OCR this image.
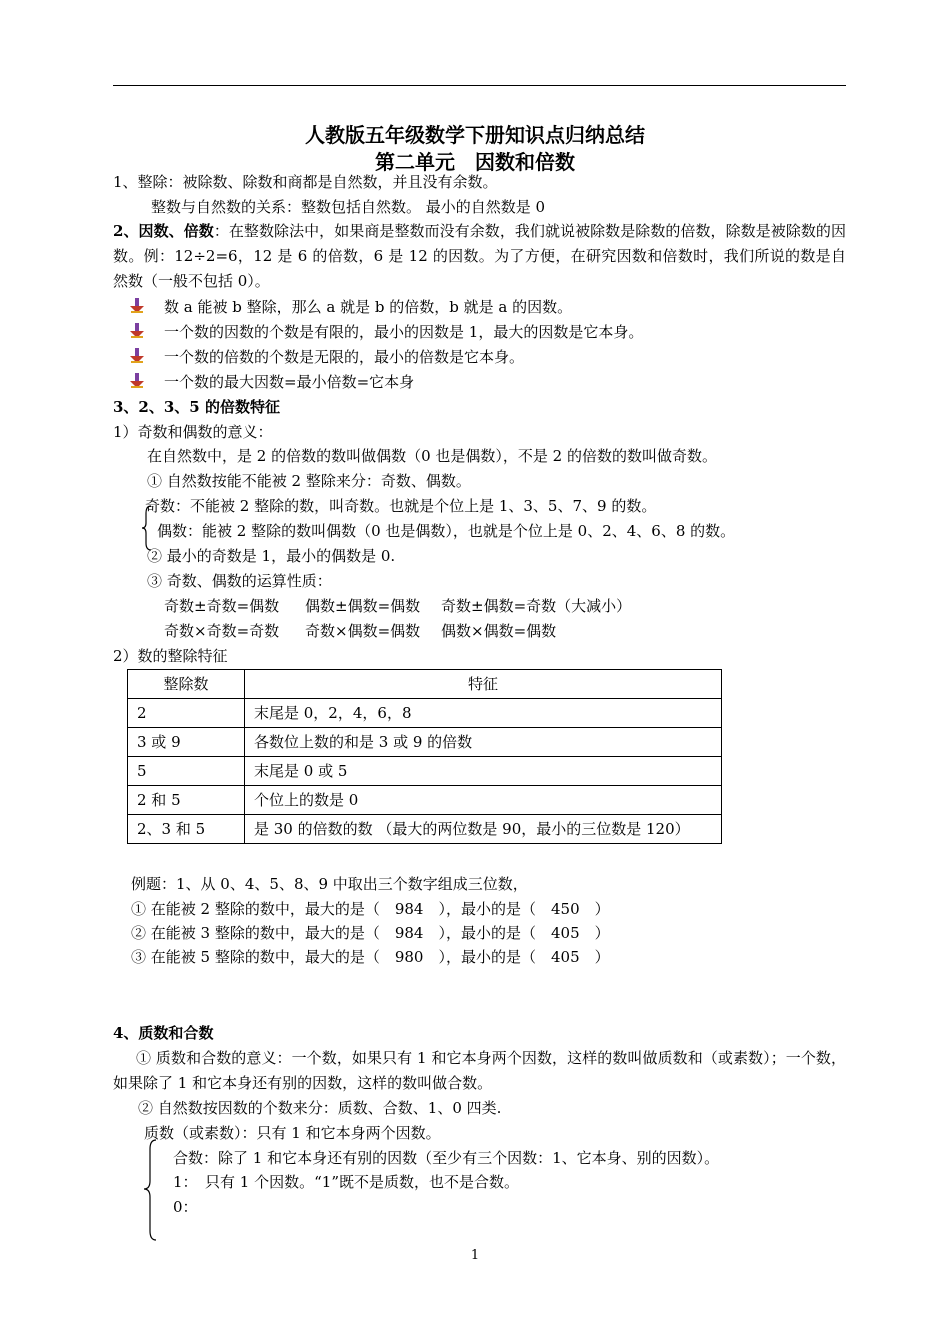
人教版五年级数学下册知识点归纳总结
第二单元　因数和倍数
1、整除：被除数、除数和商都是自然数，并且没有余数。
整数与自然数的关系：整数包括自然数。 最小的自然数是 0
2、因数、倍数：在整数除法中，如果商是整数而没有余数，我们就说被除数是除数的倍数，除数是被除数的因数。例：12÷2=6，12 是 6 的倍数，6 是 12 的因数。为了方便，在研究因数和倍数时，我们所说的数是自然数（一般不包括 0）。
数 a 能被 b 整除，那么 a 就是 b 的倍数，b 就是 a 的因数。
一个数的因数的个数是有限的，最小的因数是 1，最大的因数是它本身。
一个数的倍数的个数是无限的，最小的倍数是它本身。
一个数的最大因数=最小倍数=它本身
3、2、3、5 的倍数特征
1）奇数和偶数的意义：
在自然数中，是 2 的倍数的数叫做偶数（0 也是偶数），不是 2 的倍数的数叫做奇数。
① 自然数按能不能被 2 整除来分：奇数、偶数。
奇数：不能被 2 整除的数，叫奇数。也就是个位上是 1、3、5、7、9 的数。
偶数：能被 2 整除的数叫偶数（0 也是偶数），也就是个位上是 0、2、4、6、8 的数。
② 最小的奇数是 1，最小的偶数是 0.
③ 奇数、偶数的运算性质：
奇数±奇数=偶数 偶数±偶数=偶数 奇数±偶数=奇数（大减小）
奇数×奇数=奇数 奇数×偶数=偶数 偶数×偶数=偶数
2）数的整除特征
整除数	特征
2	末尾是 0，2，4，6，8
3 或 9	各数位上数的和是 3 或 9 的倍数
5	末尾是 0 或 5
2 和 5	个位上的数是 0
2、3 和 5	是 30 的倍数的数 （最大的两位数是 90，最小的三位数是 120）
例题：1、从 0、4、5、8、9 中取出三个数字组成三位数，
① 在能被 2 整除的数中，最大的是（　984　），最小的是（　450　）
② 在能被 3 整除的数中，最大的是（　984　），最小的是（　405　）
③ 在能被 5 整除的数中，最大的是（　980　），最小的是（　405　）
4、质数和合数
① 质数和合数的意义：一个数，如果只有 1 和它本身两个因数，这样的数叫做质数和（或素数）；一个数，如果除了 1 和它本身还有别的因数，这样的数叫做合数。
② 自然数按因数的个数来分：质数、合数、1、0 四类.
质数（或素数）：只有 1 和它本身两个因数。
合数：除了 1 和它本身还有别的因数（至少有三个因数：1、它本身、别的因数）。
1：　只有 1 个因数。“1”既不是质数，也不是合数。
0：
1
